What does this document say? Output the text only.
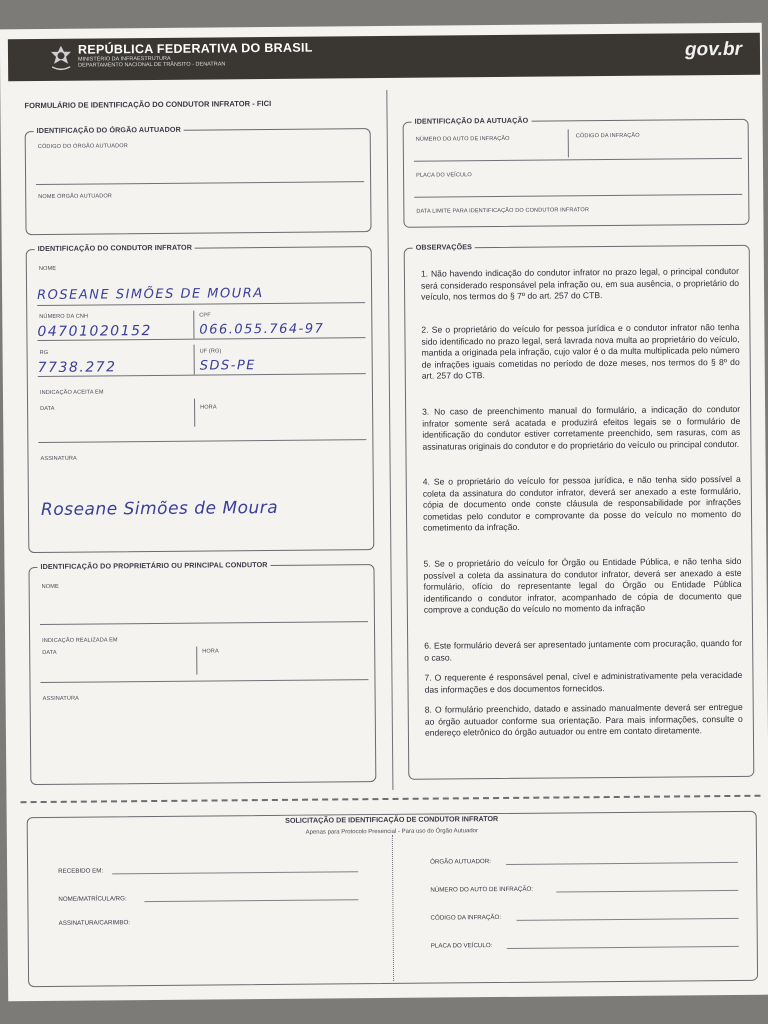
REPÚBLICA FEDERATIVA DO BRASIL
MINISTÉRIO DA INFRAESTRUTURA
DEPARTAMENTO NACIONAL DE TRÂNSITO - DENATRAN
gov.br
FORMULÁRIO DE IDENTIFICAÇÃO DO CONDUTOR INFRATOR - FICI
IDENTIFICAÇÃO DO ÓRGÃO AUTUADOR
CÓDIGO DO ÓRGÃO AUTUADOR
NOME ÓRGÃO AUTUADOR
IDENTIFICAÇÃO DO CONDUTOR INFRATOR
NOME
ROSEANE SIMÕES DE MOURA
NÚMERO DA CNH
04701020152
CPF
066.055.764-97
RG
7738.272
UF (RG)
SDS-PE
INDICAÇÃO ACEITA EM
DATA	HORA
ASSINATURA
Roseane Simões de Moura
IDENTIFICAÇÃO DO PROPRIETÁRIO OU PRINCIPAL CONDUTOR
NOME
INDICAÇÃO REALIZADA EM
DATA	HORA
ASSINATURA
IDENTIFICAÇÃO DA AUTUAÇÃO
NÚMERO DO AUTO DE INFRAÇÃO	CÓDIGO DA INFRAÇÃO
PLACA DO VEÍCULO
DATA LIMITE PARA IDENTIFICAÇÃO DO CONDUTOR INFRATOR
OBSERVAÇÕES

1. Não havendo indicação do condutor infrator no prazo legal, o principal condutor será considerado responsável pela infração ou, em sua ausência, o proprietário do veículo, nos termos do § 7º do art. 257 do CTB.

2. Se o proprietário do veículo for pessoa jurídica e o condutor infrator não tenha sido identificado no prazo legal, será lavrada nova multa ao proprietário do veículo, mantida a originada pela infração, cujo valor é o da multa multiplicada pelo número de infrações iguais cometidas no período de doze meses, nos termos do § 8º do art. 257 do CTB.

3. No caso de preenchimento manual do formulário, a indicação do condutor infrator somente será acatada e produzirá efeitos legais se o formulário de identificação do condutor estiver corretamente preenchido, sem rasuras, com as assinaturas originais do condutor e do proprietário do veículo ou principal condutor.

4. Se o proprietário do veículo for pessoa jurídica, e não tenha sido possível a coleta da assinatura do condutor infrator, deverá ser anexado a este formulário, cópia de documento onde conste cláusula de responsabilidade por infrações cometidas pelo condutor e comprovante da posse do veículo no momento do cometimento da infração.

5. Se o proprietário do veículo for Órgão ou Entidade Pública, e não tenha sido possível a coleta da assinatura do condutor infrator, deverá ser anexado a este formulário, ofício do representante legal do Órgão ou Entidade Pública identificando o condutor infrator, acompanhado de cópia de documento que comprove a condução do veículo no momento da infração

6. Este formulário deverá ser apresentado juntamente com procuração, quando for o caso.

7. O requerente é responsável penal, cível e administrativamente pela veracidade das informações e dos documentos fornecidos.

8. O formulário preenchido, datado e assinado manualmente deverá ser entregue ao órgão autuador conforme sua orientação. Para mais informações, consulte o endereço eletrônico do órgão autuador ou entre em contato diretamente.

SOLICITAÇÃO DE IDENTIFICAÇÃO DE CONDUTOR INFRATOR
Apenas para Protocolo Presencial - Para uso do Órgão Autuador
RECEBIDO EM:
NOME/MATRÍCULA/RG:
ASSINATURA/CARIMBO:
ÓRGÃO AUTUADOR:
NÚMERO DO AUTO DE INFRAÇÃO:
CÓDIGO DA INFRAÇÃO:
PLACA DO VEÍCULO:
